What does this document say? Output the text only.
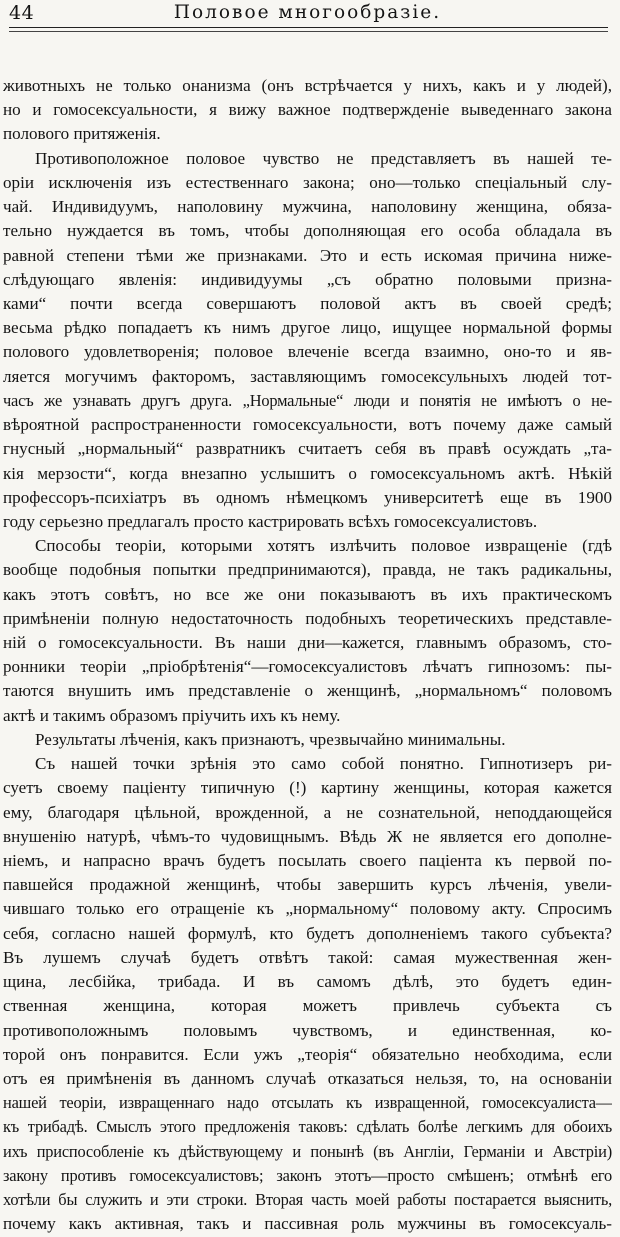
44	Половое многообразіе.
животныхъ не только онанизма (онъ встрѣчается у нихъ, какъ и у людей),
но и гомосексуальности, я вижу важное подтвержденіе выведеннаго закона
полового притяженія.
Противоположное половое чувство не представляетъ въ нашей те-
оріи исключенія изъ естественнаго закона; оно—только спеціальный слу-
чай. Индивидуумъ, наполовину мужчина, наполовину женщина, обяза-
тельно нуждается въ томъ, чтобы дополняющая его особа обладала въ
равной степени тѣми же признаками. Это и есть искомая причина ниже-
слѣдующаго явленія: индивидуумы „съ обратно половыми призна-
ками“ почти всегда совершаютъ половой актъ въ своей средѣ;
весьма рѣдко попадаетъ къ нимъ другое лицо, ищущее нормальной формы
полового удовлетворенія; половое влеченіе всегда взаимно, оно-то и яв-
ляется могучимъ факторомъ, заставляющимъ гомосексульныхъ людей тот-
часъ же узнавать другъ друга. „Нормальные“ люди и понятія не имѣютъ о не-
вѣроятной распространенности гомосексуальности, вотъ почему даже самый
гнусный „нормальный“ развратникъ считаетъ себя въ правѣ осуждать „та-
кія мерзости“, когда внезапно услышитъ о гомосексуальномъ актѣ. Нѣкій
профессоръ-психіатръ въ одномъ нѣмецкомъ университетѣ еще въ 1900
году серьезно предлагалъ просто кастрировать всѣхъ гомосексуалистовъ.
Способы теоріи, которыми хотятъ излѣчить половое извращеніе (гдѣ
вообще подобныя попытки предпринимаются), правда, не такъ радикальны,
какъ этотъ совѣтъ, но все же они показываютъ въ ихъ практическомъ
примѣненіи полную недостаточность подобныхъ теоретическихъ представле-
ній о гомосексуальности. Въ наши дни—кажется, главнымъ образомъ, сто-
ронники теоріи „пріобрѣтенія“—гомосексуалистовъ лѣчатъ гипнозомъ: пы-
таются внушить имъ представленіе о женщинѣ, „нормальномъ“ половомъ
актѣ и такимъ образомъ пріучить ихъ къ нему.
Результаты лѣченія, какъ признаютъ, чрезвычайно минимальны.
Съ нашей точки зрѣнія это само собой понятно. Гипнотизеръ ри-
суетъ своему паціенту типичную (!) картину женщины, которая кажется
ему, благодаря цѣльной, врожденной, а не сознательной, неподдающейся
внушенію натурѣ, чѣмъ-то чудовищнымъ. Вѣдь Ж не является его дополне-
ніемъ, и напрасно врачъ будетъ посылать своего паціента къ первой по-
павшейся продажной женщинѣ, чтобы завершить курсъ лѣченія, увели-
чившаго только его отращеніе къ „нормальному“ половому акту. Спросимъ
себя, согласно нашей формулѣ, кто будетъ дополненіемъ такого субъекта?
Въ лушемъ случаѣ будетъ отвѣтъ такой: самая мужественная жен-
щина, лесбійка, трибада. И въ самомъ дѣлѣ, это будетъ един-
ственная женщина, которая можетъ привлечь субъекта съ
противоположнымъ половымъ чувствомъ, и единственная, ко-
торой онъ понравится. Если ужъ „теорія“ обязательно необходима, если
отъ ея примѣненія въ данномъ случаѣ отказаться нельзя, то, на основаніи
нашей теоріи, извращеннаго надо отсылать къ извращенной, гомосексуалиста—
къ трибадѣ. Смыслъ этого предложенія таковъ: сдѣлать болѣе легкимъ для обоихъ
ихъ приспособленіе къ дѣйствующему и понынѣ (въ Англіи, Германіи и Австріи)
закону противъ гомосексуалистовъ; законъ этотъ—просто смѣшенъ; отмѣнѣ его
хотѣли бы служить и эти строки. Вторая часть моей работы постарается выяснить,
почему какъ активная, такъ и пассивная роль мужчины въ гомосексуаль-
